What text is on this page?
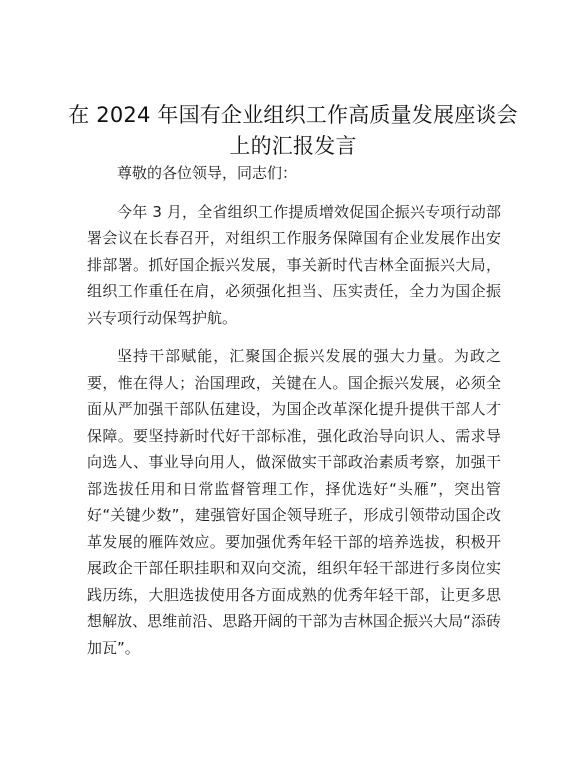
在 2024 年国有企业组织工作高质量发展座谈会
上的汇报发言

尊敬的各位领导，同志们：

今年 3 月，全省组织工作提质增效促国企振兴专项行动部署会议在长春召开，对组织工作服务保障国有企业发展作出安排部署。抓好国企振兴发展，事关新时代吉林全面振兴大局，组织工作重任在肩，必须强化担当、压实责任，全力为国企振兴专项行动保驾护航。

坚持干部赋能，汇聚国企振兴发展的强大力量。为政之要，惟在得人；治国理政，关键在人。国企振兴发展，必须全面从严加强干部队伍建设，为国企改革深化提升提供干部人才保障。要坚持新时代好干部标准，强化政治导向识人、需求导向选人、事业导向用人，做深做实干部政治素质考察，加强干部选拔任用和日常监督管理工作，择优选好“头雁”，突出管好“关键少数”，建强管好国企领导班子，形成引领带动国企改革发展的雁阵效应。要加强优秀年轻干部的培养选拔，积极开展政企干部任职挂职和双向交流，组织年轻干部进行多岗位实践历练，大胆选拔使用各方面成熟的优秀年轻干部，让更多思想解放、思维前沿、思路开阔的干部为吉林国企振兴大局“添砖加瓦”。
